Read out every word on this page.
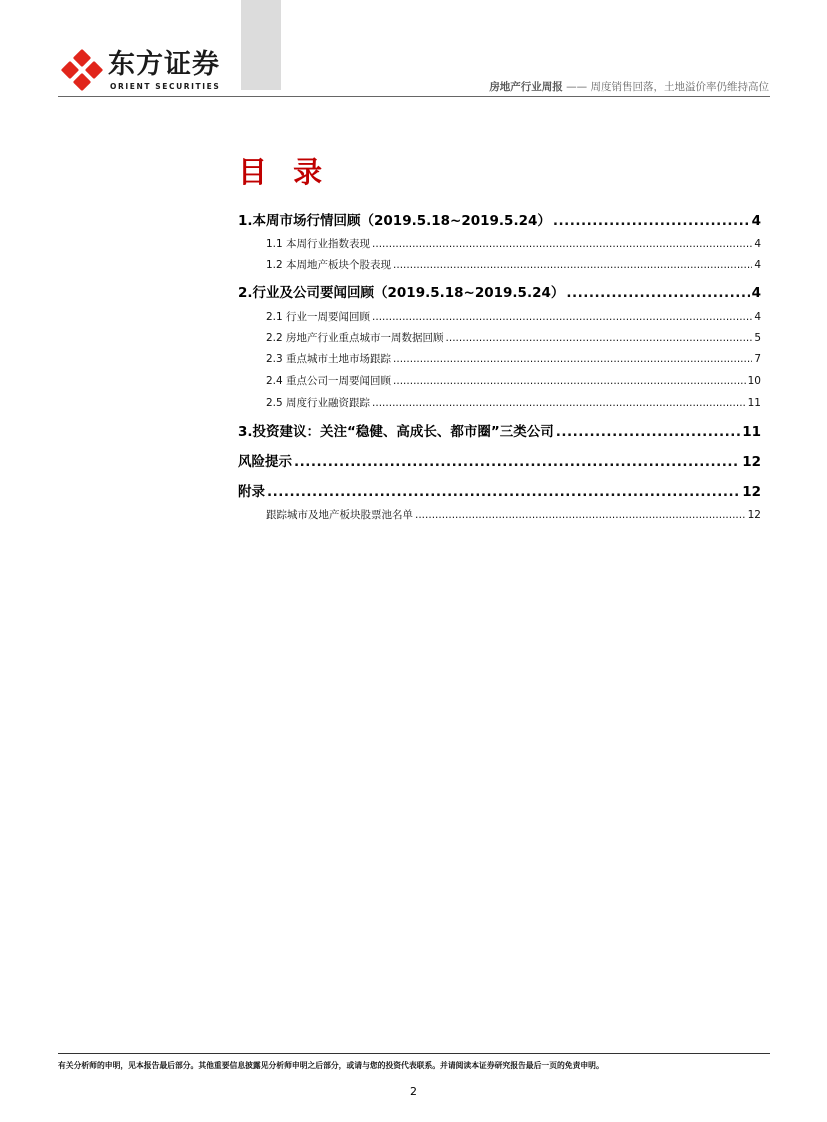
东方证券
ORIENT SECURITIES	房地产行业周报 —— 周度销售回落，土地溢价率仍维持高位
目 录
1.本周市场行情回顾（2019.5.18~2019.5.24） .....	4
1.1 本周行业指数表现 .....	4
1.2 本周地产板块个股表现 .....	4
2.行业及公司要闻回顾（2019.5.18~2019.5.24） .....	4
2.1 行业一周要闻回顾 .....	4
2.2 房地产行业重点城市一周数据回顾 .....	5
2.3 重点城市土地市场跟踪 .....	7
2.4 重点公司一周要闻回顾 .....	10
2.5 周度行业融资跟踪 .....	11
3.投资建议：关注“稳健、高成长、都市圈”三类公司 .....	11
风险提示 .....	12
附录 .....	12
跟踪城市及地产板块股票池名单 .....	12
有关分析师的申明，见本报告最后部分。其他重要信息披露见分析师申明之后部分，或请与您的投资代表联系。并请阅读本证券研究报告最后一页的免责申明。
2
